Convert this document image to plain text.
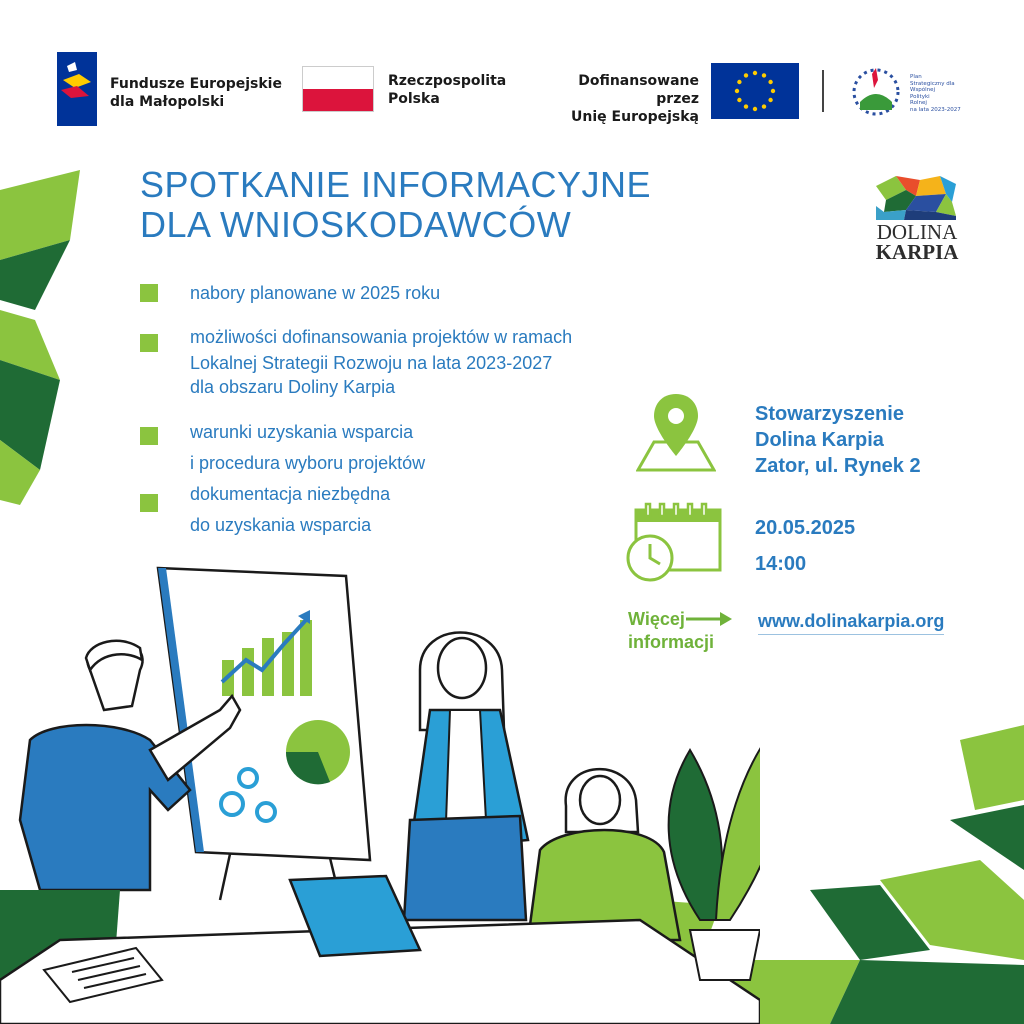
Fundusze Europejskie
dla Małopolski
Rzeczpospolita
Polska
Dofinansowane przez
Unię Europejską
Plan
Strategiczny dla
Wspólnej
Polityki
Rolnej
na lata 2023-2027
DOLINA
KARPIA
SPOTKANIE INFORMACYJNE
DLA WNIOSKODAWCÓW
nabory planowane w 2025 roku
możliwości dofinansowania projektów w ramach
Lokalnej Strategii Rozwoju na lata 2023-2027
dla obszaru Doliny Karpia
warunki uzyskania wsparcia
i procedura wyboru projektów
dokumentacja niezbędna
do uzyskania wsparcia
Stowarzyszenie
Dolina Karpia
Zator, ul. Rynek 2
20.05.2025
14:00
Więcej
informacji
www.dolinakarpia.org
